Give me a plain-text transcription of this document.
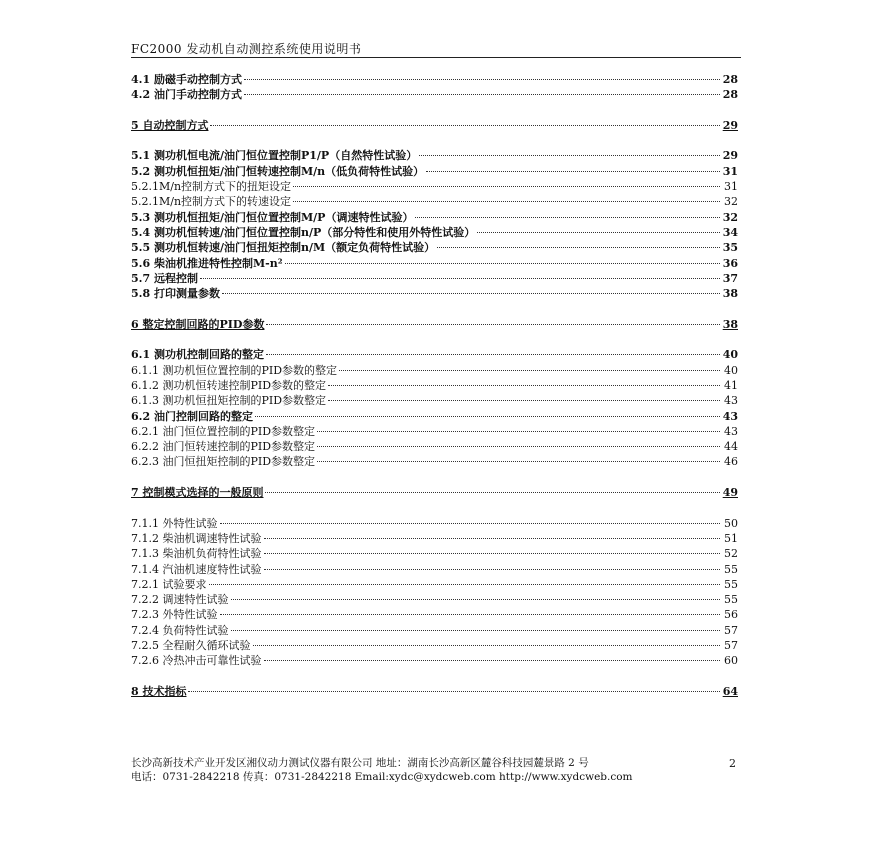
FC2000 发动机自动测控系统使用说明书
4.1 励磁手动控制方式	28
4.2 油门手动控制方式	28
5 自动控制方式	29
5.1 测功机恒电流/油门恒位置控制P1/P（自然特性试验）	29
5.2 测功机恒扭矩/油门恒转速控制M/n（低负荷特性试验）	31
5.2.1M/n控制方式下的扭矩设定	31
5.2.1M/n控制方式下的转速设定	32
5.3 测功机恒扭矩/油门恒位置控制M/P（调速特性试验）	32
5.4 测功机恒转速/油门恒位置控制n/P（部分特性和使用外特性试验）	34
5.5 测功机恒转速/油门恒扭矩控制n/M（额定负荷特性试验）	35
5.6 柴油机推进特性控制M-n²	36
5.7 远程控制	37
5.8 打印测量参数	38
6 整定控制回路的PID参数	38
6.1 测功机控制回路的整定	40
6.1.1 测功机恒位置控制的PID参数的整定	40
6.1.2 测功机恒转速控制PID参数的整定	41
6.1.3 测功机恒扭矩控制的PID参数整定	43
6.2 油门控制回路的整定	43
6.2.1 油门恒位置控制的PID参数整定	43
6.2.2 油门恒转速控制的PID参数整定	44
6.2.3 油门恒扭矩控制的PID参数整定	46
7 控制模式选择的一般原则	49
7.1.1 外特性试验	50
7.1.2 柴油机调速特性试验	51
7.1.3 柴油机负荷特性试验	52
7.1.4 汽油机速度特性试验	55
7.2.1 试验要求	55
7.2.2 调速特性试验	55
7.2.3 外特性试验	56
7.2.4 负荷特性试验	57
7.2.5 全程耐久循环试验	57
7.2.6 冷热冲击可靠性试验	60
8 技术指标	64
长沙高新技术产业开发区湘仪动力测试仪器有限公司 地址：湖南长沙高新区麓谷科技园麓景路 2 号
电话：0731-2842218 传真：0731-2842218 Email:xydc@xydcweb.com http://www.xydcweb.com
2
